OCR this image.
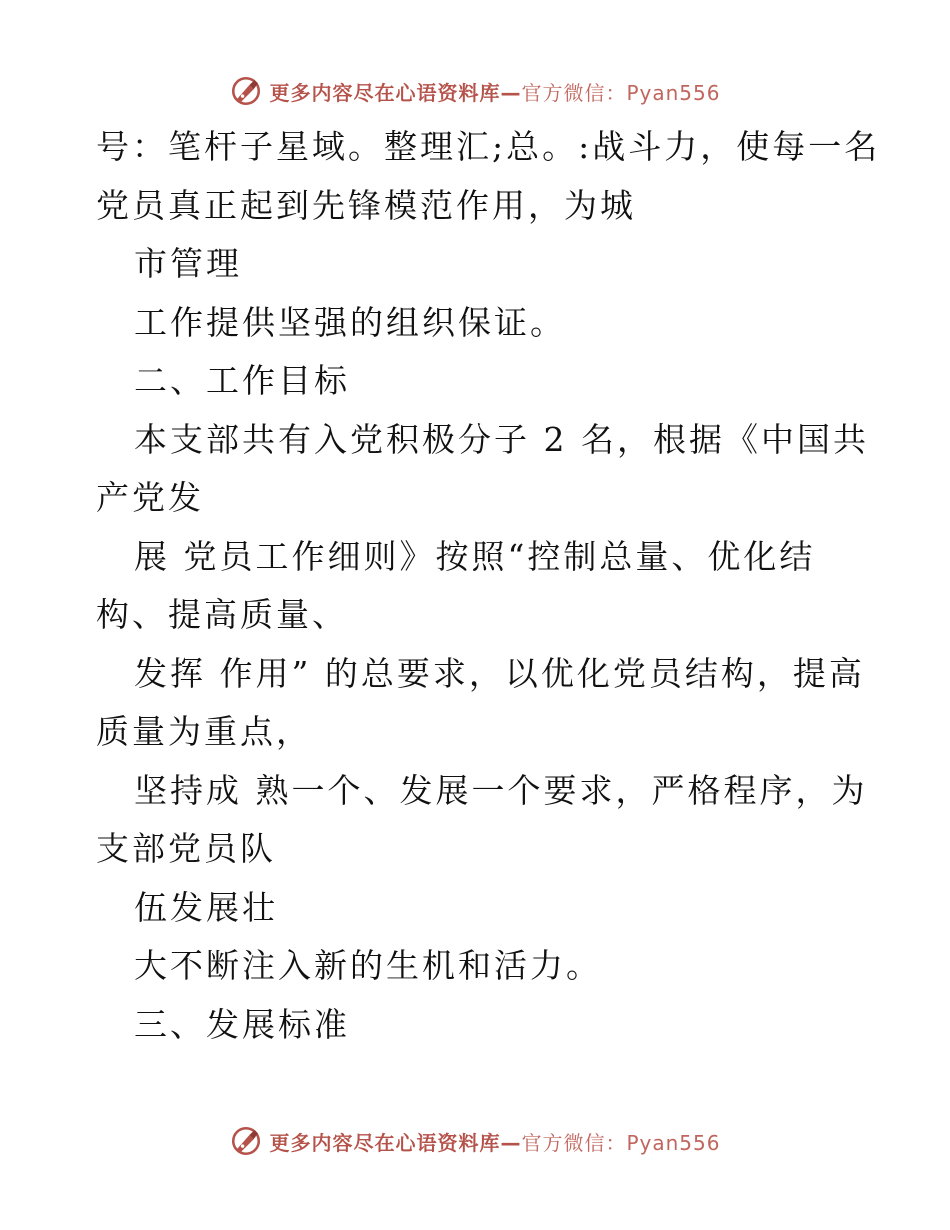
更多内容尽在心语资料库—官方微信：Pyan556
号：笔杆子星域。整理汇;总。:战斗力，使每一名
党员真正起到先锋模范作用，为城
市管理
工作提供坚强的组织保证。
二、工作目标
本支部共有入党积极分子 2 名，根据《中国共
产党发
展 党员工作细则》按照“控制总量、优化结
构、提高质量、
发挥 作用” 的总要求，以优化党员结构，提高
质量为重点，
坚持成 熟一个、发展一个要求，严格程序，为
支部党员队
伍发展壮
大不断注入新的生机和活力。
三、发展标准
更多内容尽在心语资料库—官方微信：Pyan556
